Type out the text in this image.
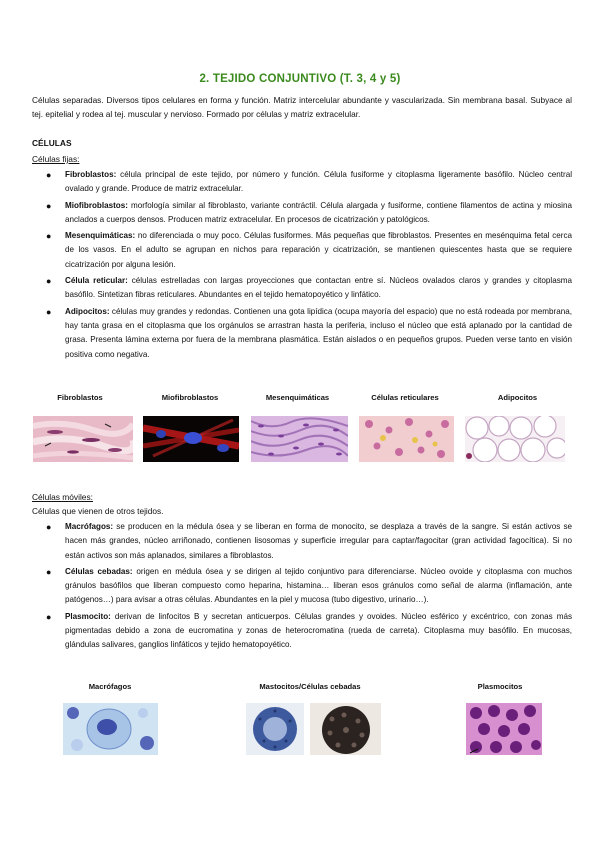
2. TEJIDO CONJUNTIVO (T. 3, 4 y 5)
Células separadas. Diversos tipos celulares en forma y función. Matriz intercelular abundante y vascularizada. Sin membrana basal. Subyace al tej. epitelial y rodea al tej. muscular y nervioso. Formado por células y matriz extracelular.
CÉLULAS
Células fijas:
● Fibroblastos: célula principal de este tejido, por número y función. Célula fusiforme y citoplasma ligeramente basófilo. Núcleo central ovalado y grande. Produce de matriz extracelular.
● Miofibroblastos: morfología similar al fibroblasto, variante contráctil. Célula alargada y fusiforme, contiene filamentos de actina y miosina anclados a cuerpos densos. Producen matriz extracelular. En procesos de cicatrización y patológicos.
● Mesenquimáticas: no diferenciada o muy poco. Células fusiformes. Más pequeñas que fibroblastos. Presentes en mesénquima fetal cerca de los vasos. En el adulto se agrupan en nichos para reparación y cicatrización, se mantienen quiescentes hasta que se requiere cicatrización por alguna lesión.
● Célula reticular: células estrelladas con largas proyecciones que contactan entre sí. Núcleos ovalados claros y grandes y citoplasma basófilo. Sintetizan fibras reticulares. Abundantes en el tejido hematopoyético y linfático.
● Adipocitos: células muy grandes y redondas. Contienen una gota lipídica (ocupa mayoría del espacio) que no está rodeada por membrana, hay tanta grasa en el citoplasma que los orgánulos se arrastran hasta la periferia, incluso el núcleo que está aplanado por la cantidad de grasa. Presenta lámina externa por fuera de la membrana plasmática. Están aislados o en pequeños grupos. Pueden verse tanto en visión positiva como negativa.
Fibroblastos	Miofibroblastos	Mesenquimáticas	Células reticulares	Adipocitos
Células móviles:
Células que vienen de otros tejidos.
● Macrófagos: se producen en la médula ósea y se liberan en forma de monocito, se desplaza a través de la sangre. Si están activos se hacen más grandes, núcleo arriñonado, contienen lisosomas y superficie irregular para captar/fagocitar (gran actividad fagocítica). Si no están activos son más aplanados, similares a fibroblastos.
● Células cebadas: origen en médula ósea y se dirigen al tejido conjuntivo para diferenciarse. Núcleo ovoide y citoplasma con muchos gránulos basófilos que liberan compuesto como heparina, histamina… liberan esos gránulos como señal de alarma (inflamación, ante patógenos…) para avisar a otras células. Abundantes en la piel y mucosa (tubo digestivo, urinario…).
● Plasmocito: derivan de linfocitos B y secretan anticuerpos. Células grandes y ovoides. Núcleo esférico y excéntrico, con zonas más pigmentadas debido a zona de eucromatina y zonas de heterocromatina (rueda de carreta). Citoplasma muy basófilo. En mucosas, glándulas salivares, ganglios linfáticos y tejido hematopoyético.
Macrófagos	Mastocitos/Células cebadas	Plasmocitos
